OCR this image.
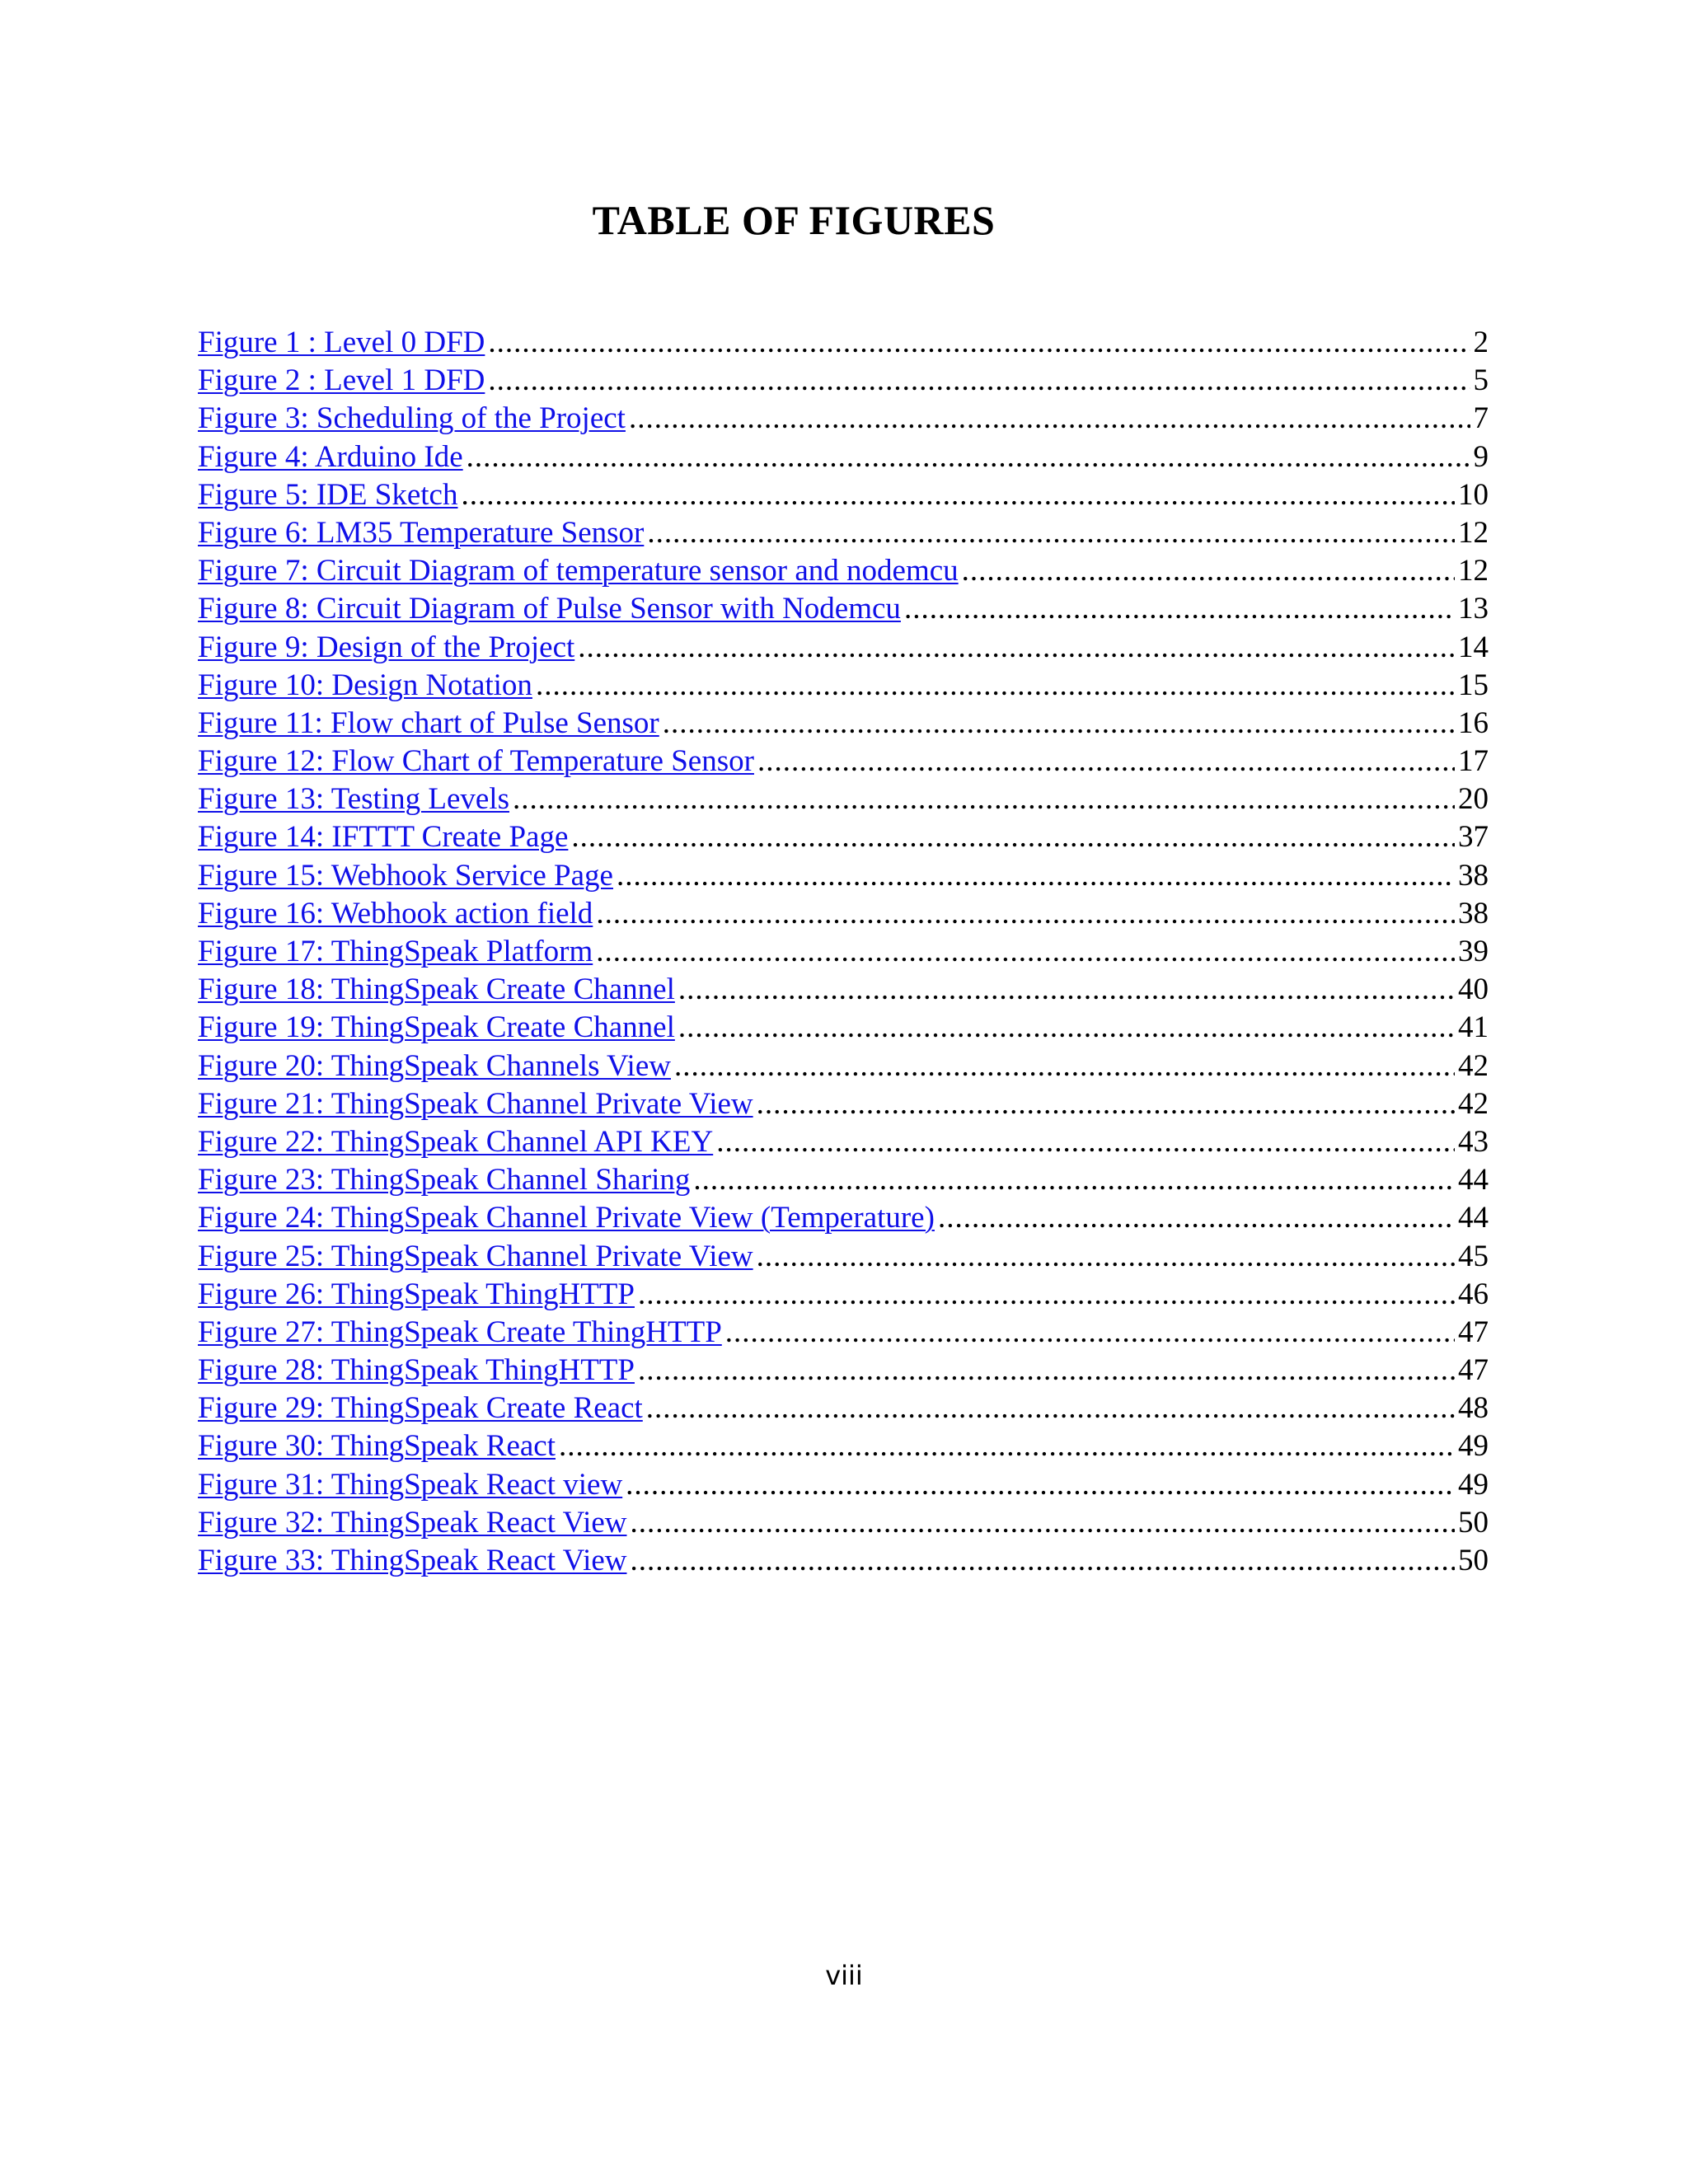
TABLE OF FIGURES
Figure 1 : Level 0 DFD .....	2
Figure 2 : Level 1 DFD .....	5
Figure 3: Scheduling of the Project .....	7
Figure 4: Arduino Ide .....	9
Figure 5: IDE Sketch .....	10
Figure 6: LM35 Temperature Sensor .....	12
Figure 7: Circuit Diagram of temperature sensor and nodemcu .....	12
Figure 8: Circuit Diagram of Pulse Sensor with Nodemcu .....	13
Figure 9: Design of the Project .....	14
Figure 10: Design Notation .....	15
Figure 11: Flow chart of Pulse Sensor .....	16
Figure 12: Flow Chart of Temperature Sensor .....	17
Figure 13: Testing Levels .....	20
Figure 14: IFTTT Create Page .....	37
Figure 15: Webhook Service Page .....	38
Figure 16: Webhook action field .....	38
Figure 17: ThingSpeak Platform .....	39
Figure 18: ThingSpeak Create Channel .....	40
Figure 19: ThingSpeak Create Channel .....	41
Figure 20: ThingSpeak Channels View .....	42
Figure 21: ThingSpeak Channel Private View .....	42
Figure 22: ThingSpeak Channel API KEY .....	43
Figure 23: ThingSpeak Channel Sharing .....	44
Figure 24: ThingSpeak Channel Private View (Temperature) .....	44
Figure 25: ThingSpeak Channel Private View .....	45
Figure 26: ThingSpeak ThingHTTP .....	46
Figure 27: ThingSpeak Create ThingHTTP .....	47
Figure 28: ThingSpeak ThingHTTP .....	47
Figure 29: ThingSpeak Create React .....	48
Figure 30: ThingSpeak React .....	49
Figure 31: ThingSpeak React view .....	49
Figure 32: ThingSpeak React View .....	50
Figure 33: ThingSpeak React View .....	50
viii
